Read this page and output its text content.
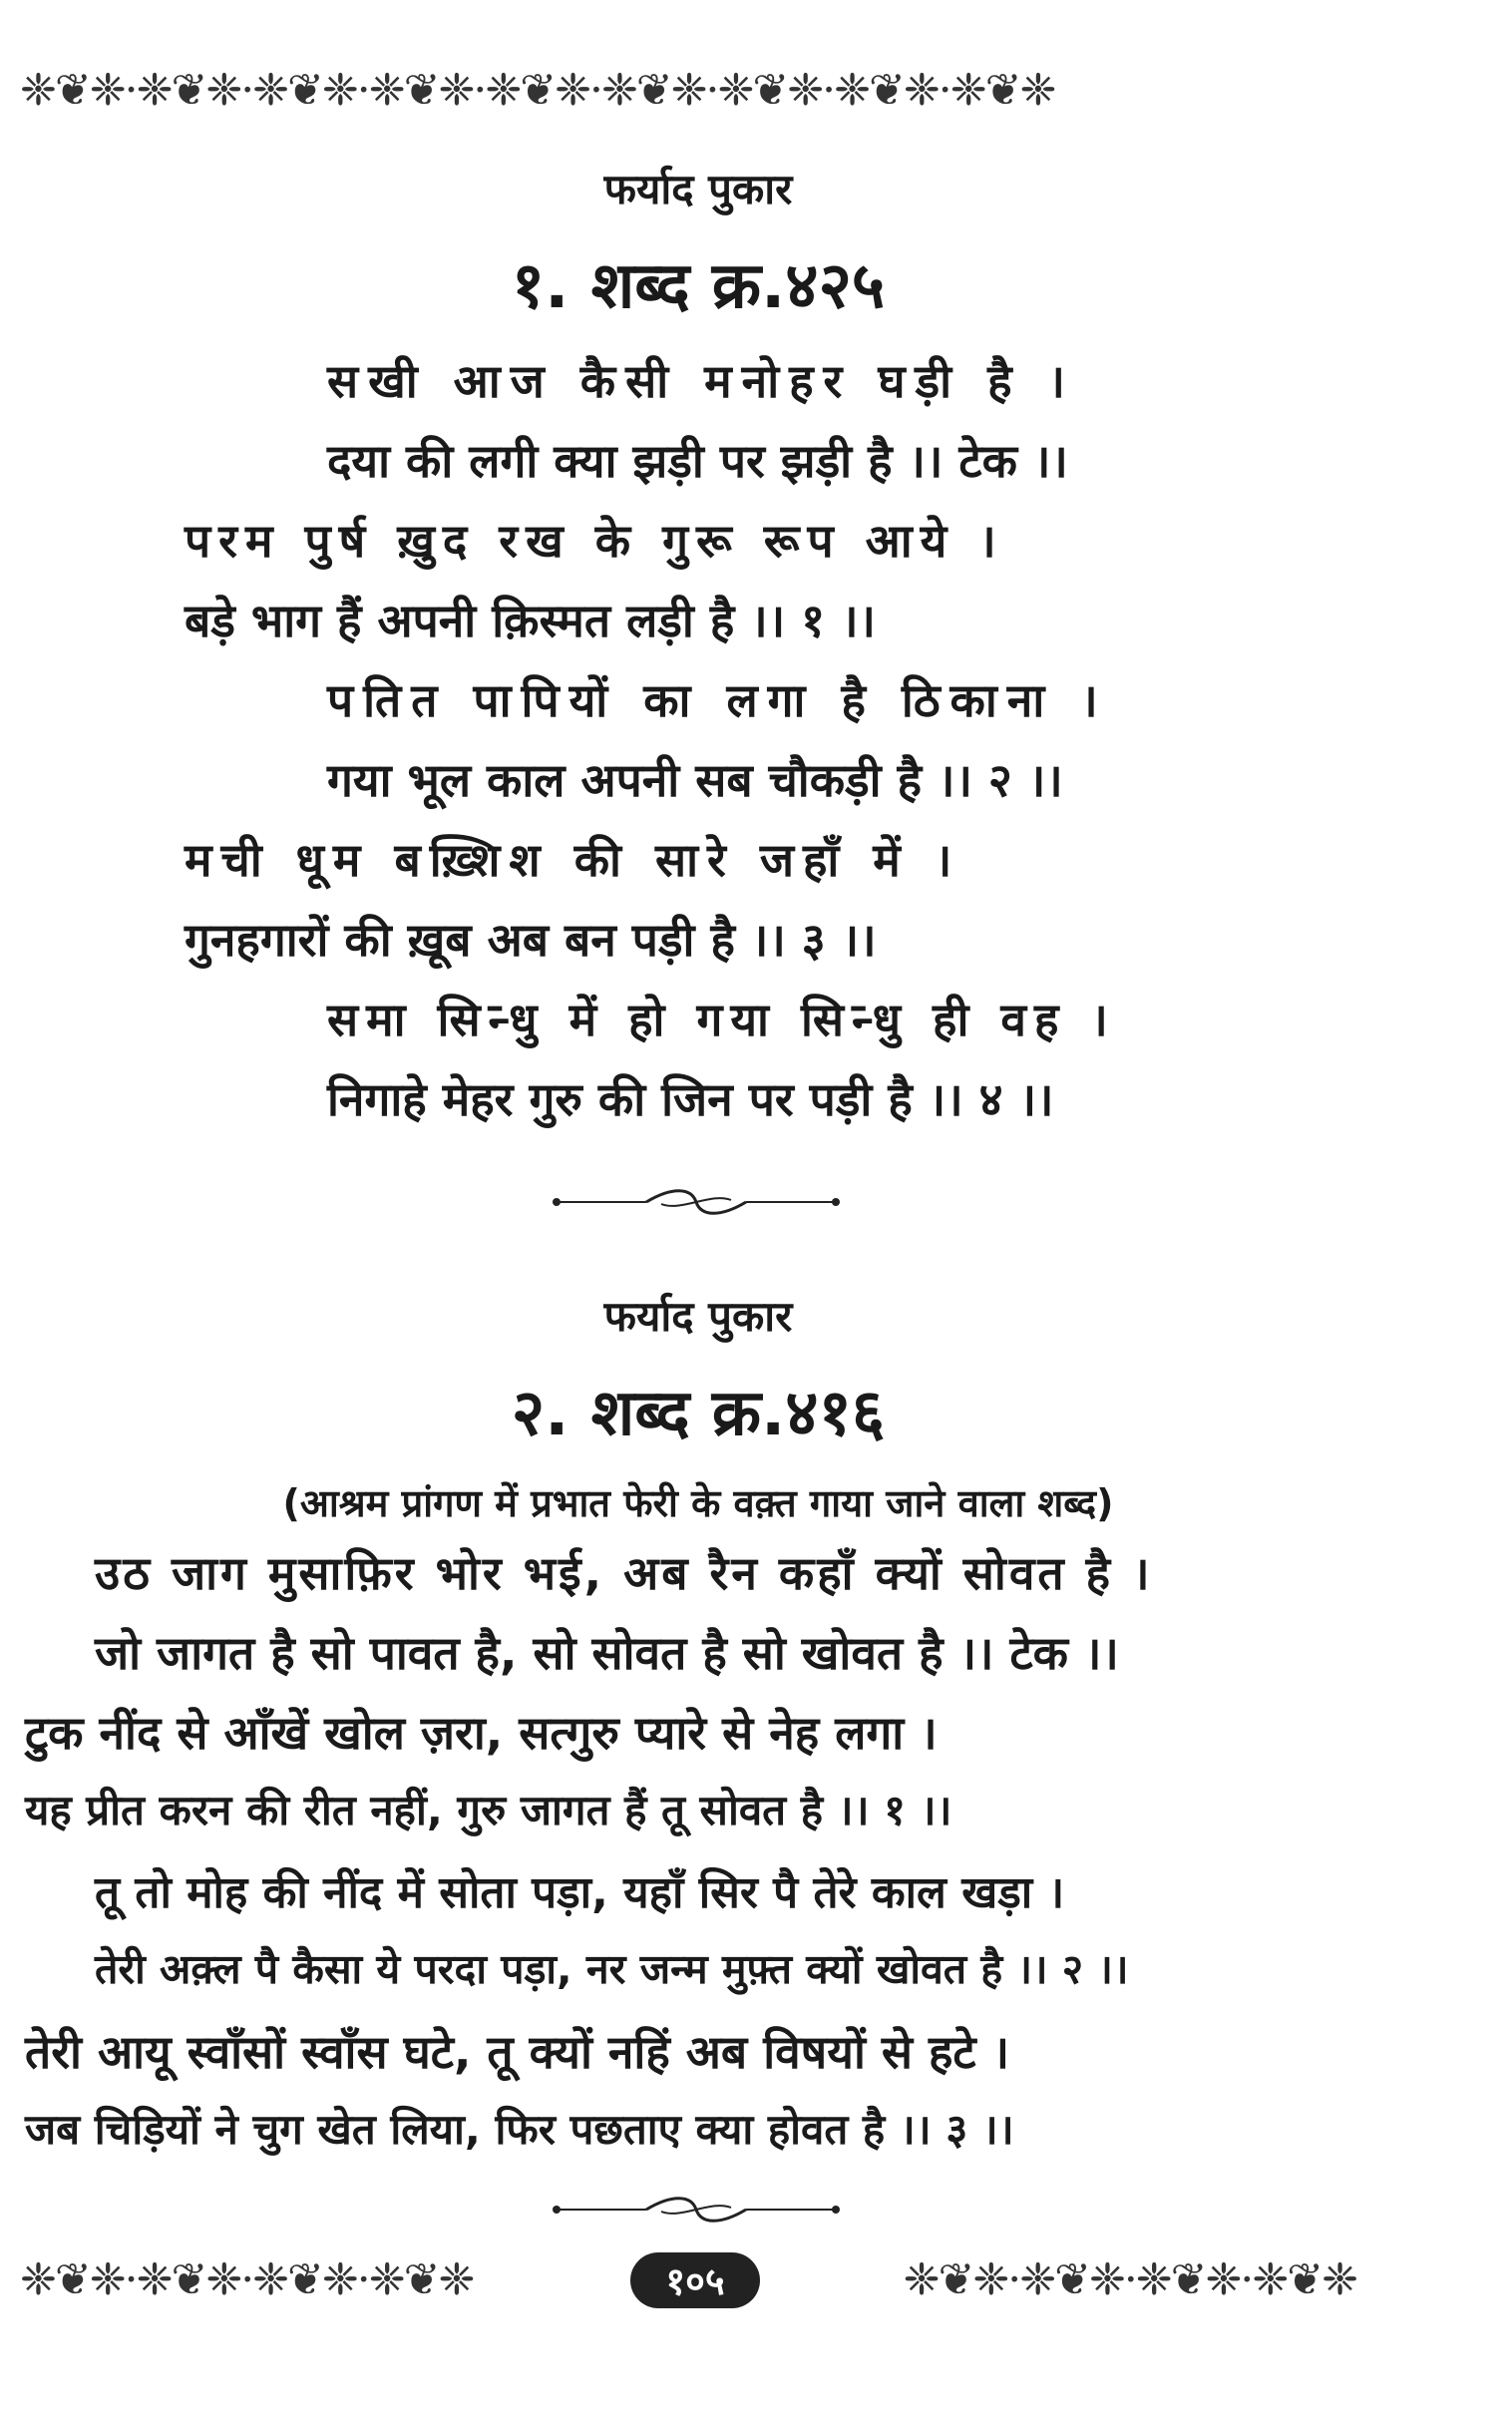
❈❦❈·❈❦❈·❈❦❈·❈❦❈·❈❦❈·❈❦❈·❈❦❈·❈❦❈·❈❦❈
फर्याद पुकार
१. शब्द क्र.४२५
सखी आज कैसी मनोहर घड़ी है ।
दया की लगी क्या झड़ी पर झड़ी है ।। टेक ।।
परम पुर्ष ख़ुद रख के गुरू रूप आये ।
बड़े भाग हैं अपनी क़िस्मत लड़ी है ।। १ ।।
पतित पापियों का लगा है ठिकाना ।
गया भूल काल अपनी सब चौकड़ी है ।। २ ।।
मची धूम बख़्शिश की सारे जहाँ में ।
गुनहगारों की ख़ूब अब बन पड़ी है ।। ३ ।।
समा सिन्धु में हो गया सिन्धु ही वह ।
निगाहे मेहर गुरु की जिन पर पड़ी है ।। ४ ।।
फर्याद पुकार
२. शब्द क्र.४१६
(आश्रम प्रांगण में प्रभात फेरी के वक़्त गाया जाने वाला शब्द)
उठ जाग मुसाफ़िर भोर भई, अब रैन कहाँ क्यों सोवत है ।
जो जागत है सो पावत है, सो सोवत है सो खोवत है ।। टेक ।।
टुक नींद से आँखें खोल ज़रा, सत्गुरु प्यारे से नेह लगा ।
यह प्रीत करन की रीत नहीं, गुरु जागत हैं तू सोवत है ।। १ ।।
तू तो मोह की नींद में सोता पड़ा, यहाँ सिर पै तेरे काल खड़ा ।
तेरी अक़्ल पै कैसा ये परदा पड़ा, नर जन्म मुफ़्त क्यों खोवत है ।। २ ।।
तेरी आयू स्वाँसों स्वाँस घटे, तू क्यों नहिं अब विषयों से हटे ।
जब चिड़ियों ने चुग खेत लिया, फिर पछताए क्या होवत है ।। ३ ।।
❈❦❈·❈❦❈·❈❦❈·❈❦❈	❈❦❈·❈❦❈·❈❦❈·❈❦❈
१०५
